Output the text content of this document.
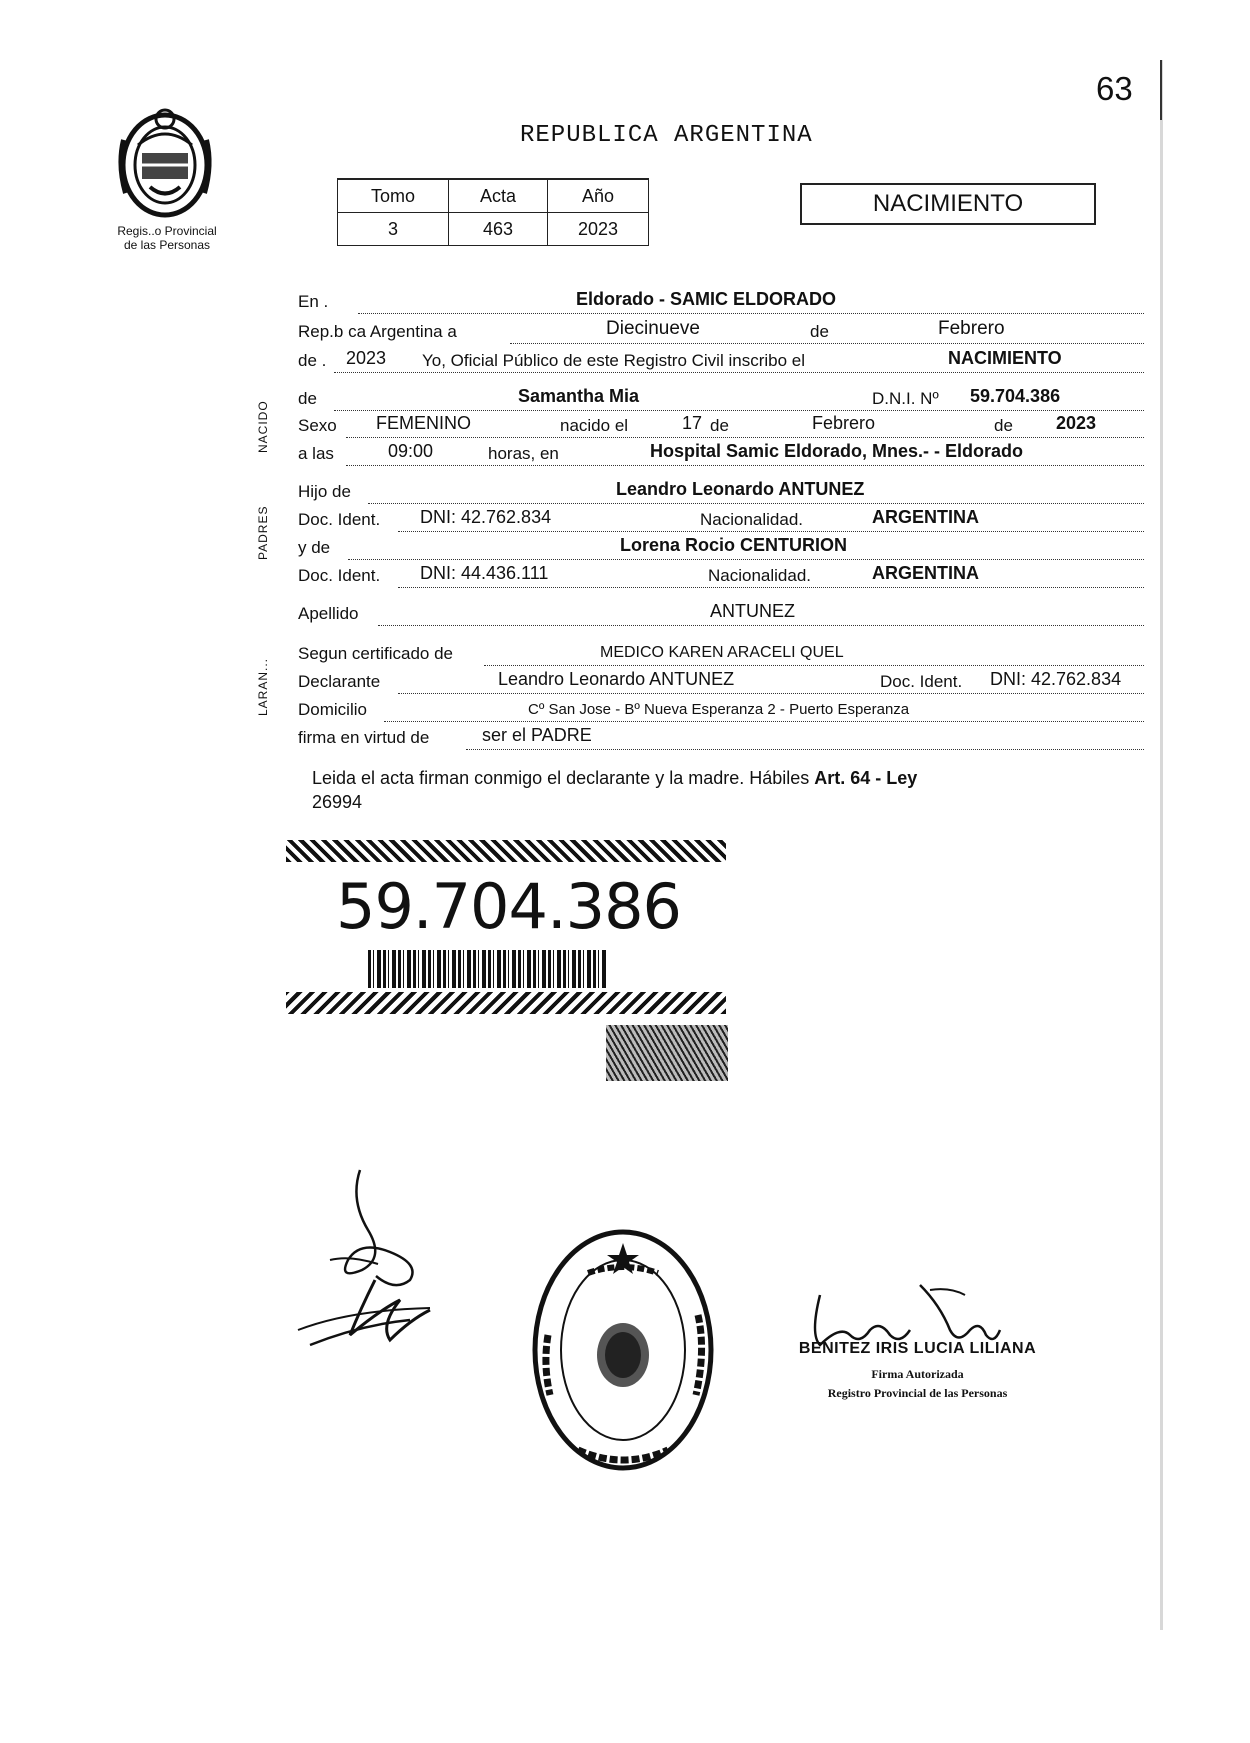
63
Regis..o Provincial
de las Personas
REPUBLICA ARGENTINA
Tomo	Acta	Año
3	463	2023
NACIMIENTO
NACIDO
PADRES
LARAN...
En .	Eldorado - SAMIC ELDORADO
Rep.b ca Argentina a	Diecinueve	de	Febrero
de . 2023 Yo, Oficial Público de este Registro Civil inscribo el	NACIMIENTO
de	Samantha Mia	D.N.I. Nº 59.704.386
Sexo FEMENINO	nacido el	17 de	Febrero	de 2023
a las	09:00	horas, en	Hospital Samic Eldorado, Mnes.- - Eldorado
Hijo de	Leandro Leonardo ANTUNEZ
Doc. Ident. DNI: 42.762.834	Nacionalidad.	ARGENTINA
y de	Lorena Rocio CENTURION
Doc. Ident. DNI: 44.436.111	Nacionalidad.	ARGENTINA
Apellido	ANTUNEZ
Segun certificado de	MEDICO KAREN ARACELI QUEL
Declarante	Leandro Leonardo ANTUNEZ	Doc. Ident. DNI: 42.762.834
Domicilio	Cº San Jose - Bº Nueva Esperanza 2 - Puerto Esperanza
firma en virtud de	ser el PADRE
Leida el acta firman conmigo el declarante y la madre. Hábiles Art. 64 - Ley
26994
59.704.386
BENITEZ IRIS LUCIA LILIANA
Firma Autorizada
Registro Provincial de las Personas
